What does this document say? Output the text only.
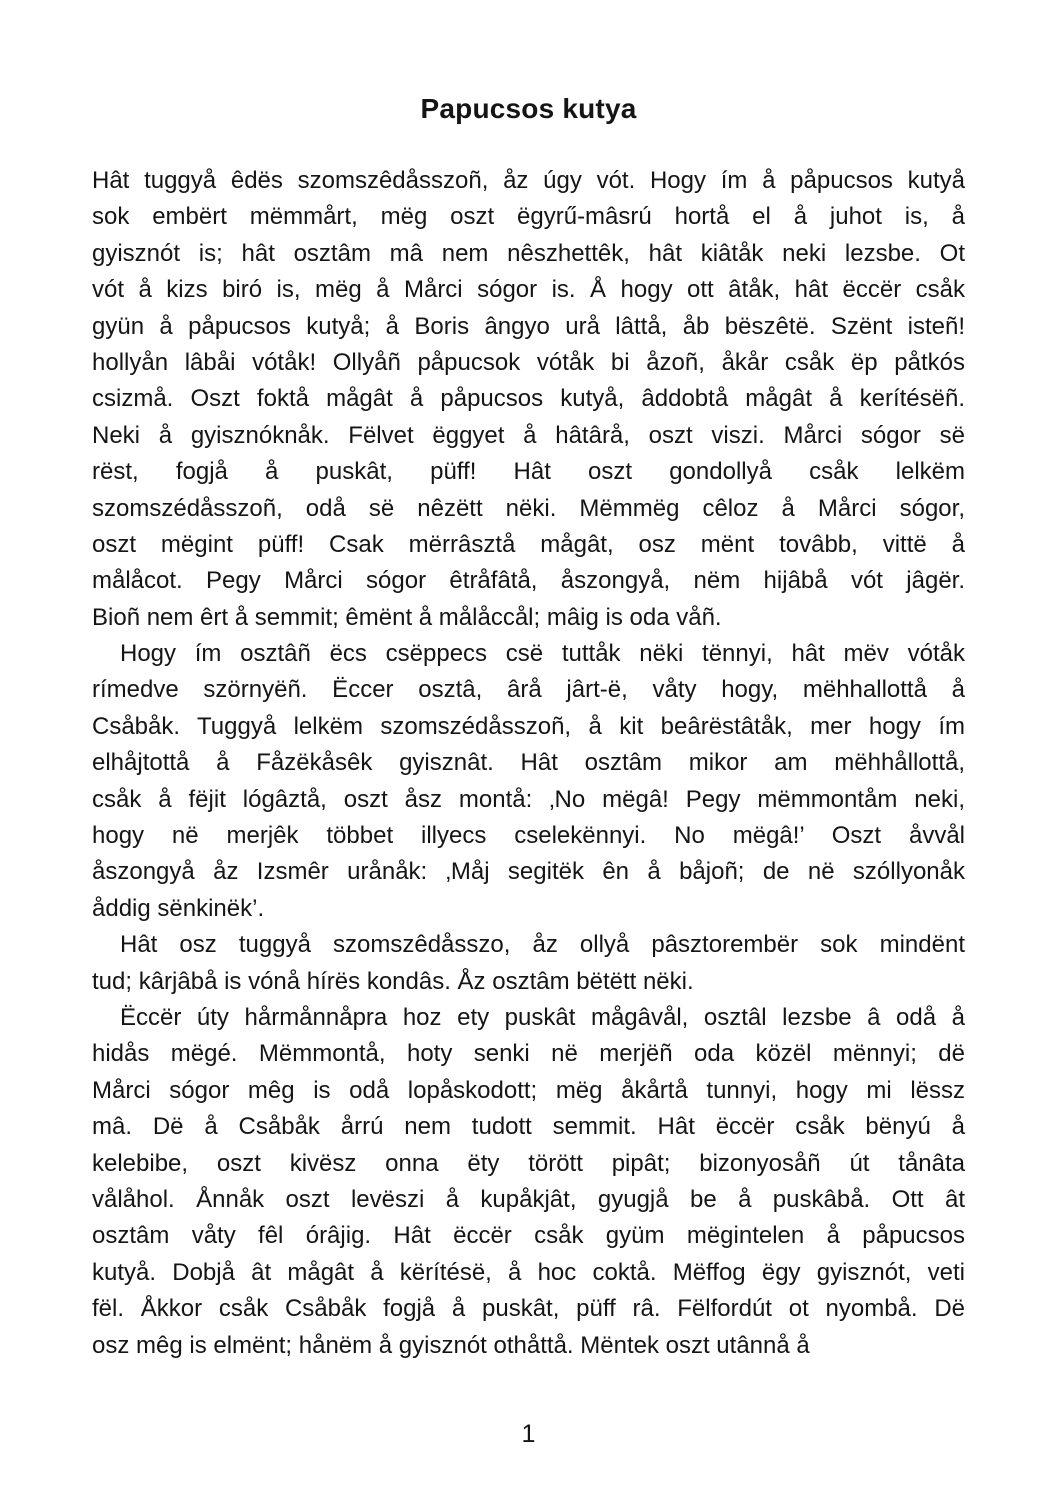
Papucsos kutya
Hât tuggyå êdës szomszêdåsszoñ, åz úgy vót. Hogy ím å påpucsos kutyå
sok embërt mëmmårt, mëg oszt ëgyrű-mâsrú hortå el å juhot is, å
gyisznót is; hât osztâm mâ nem nêszhettêk, hât kiâtåk neki lezsbe. Ot
vót å kizs biró is, mëg å Mårci sógor is. Å hogy ott âtåk, hât ëccër csåk
gyün å påpucsos kutyå; å Boris ângyo urå lâttå, åb bëszêtë. Szënt isteñ!
hollyån lâbåi vótåk! Ollyåñ påpucsok vótåk bi åzoñ, åkår csåk ëp påtkós
csizmå. Oszt foktå mågât å påpucsos kutyå, âddobtå mågât å kerítésëñ.
Neki å gyisznóknåk. Fëlvet ëggyet å hâtârå, oszt viszi. Mårci sógor së
rëst, fogjå å puskât, püff! Hât oszt gondollyå csåk lelkëm
szomszédåsszoñ, odå së nêzëtt nëki. Mëmmëg cêloz å Mårci sógor,
oszt mëgint püff! Csak mërrâsztå mågât, osz mënt tovâbb, vittë å
målåcot. Pegy Mårci sógor êtråfâtå, åszongyå, nëm hijâbå vót jâgër.
Bioñ nem êrt å semmit; êmënt å målåccål; mâig is oda våñ.
Hogy ím osztâñ ëcs csëppecs csë tuttåk nëki tënnyi, hât mëv vótåk
rímedve szörnyëñ. Ëccer osztâ, ârå jârt-ë, våty hogy, mëhhallottå å
Csåbåk. Tuggyå lelkëm szomszédåsszoñ, å kit beârëstâtåk, mer hogy ím
elhåjtottå å Fåzëkåsêk gyisznât. Hât osztâm mikor am mëhhållottå,
csåk å fëjit lógâztå, oszt åsz montå: ‚No mëgâ! Pegy mëmmontåm neki,
hogy në merjêk többet illyecs cselekënnyi. No mëgâ!’ Oszt åvvål
åszongyå åz Izsmêr urånåk: ‚Måj segitëk ên å båjoñ; de në szóllyonåk
åddig sënkinëk’.
Hât osz tuggyå szomszêdåsszo, åz ollyå pâsztorembër sok mindënt
tud; kârjâbå is vónå hírës kondâs. Åz osztâm bëtëtt nëki.
Ëccër úty hårmånnåpra hoz ety puskât mågâvål, osztâl lezsbe â odå å
hidås mëgé. Mëmmontå, hoty senki në merjëñ oda közël mënnyi; dë
Mårci sógor mêg is odå lopåskodott; mëg åkårtå tunnyi, hogy mi lëssz
mâ. Dë å Csåbåk årrú nem tudott semmit. Hât ëccër csåk bënyú å
kelebibe, oszt kivësz onna ëty törött pipât; bizonyosåñ út tånâta
vålåhol. Ånnåk oszt levëszi å kupåkjât, gyugjå be å puskâbå. Ott ât
osztâm våty fêl órâjig. Hât ëccër csåk gyüm mëgintelen å påpucsos
kutyå. Dobjå ât mågât å kërítésë, å hoc coktå. Mëffog ëgy gyisznót, veti
fël. Åkkor csåk Csåbåk fogjå å puskât, püff râ. Fëlfordút ot nyombå. Dë
osz mêg is elmënt; hånëm å gyisznót othåttå. Mëntek oszt utânnå å
1
